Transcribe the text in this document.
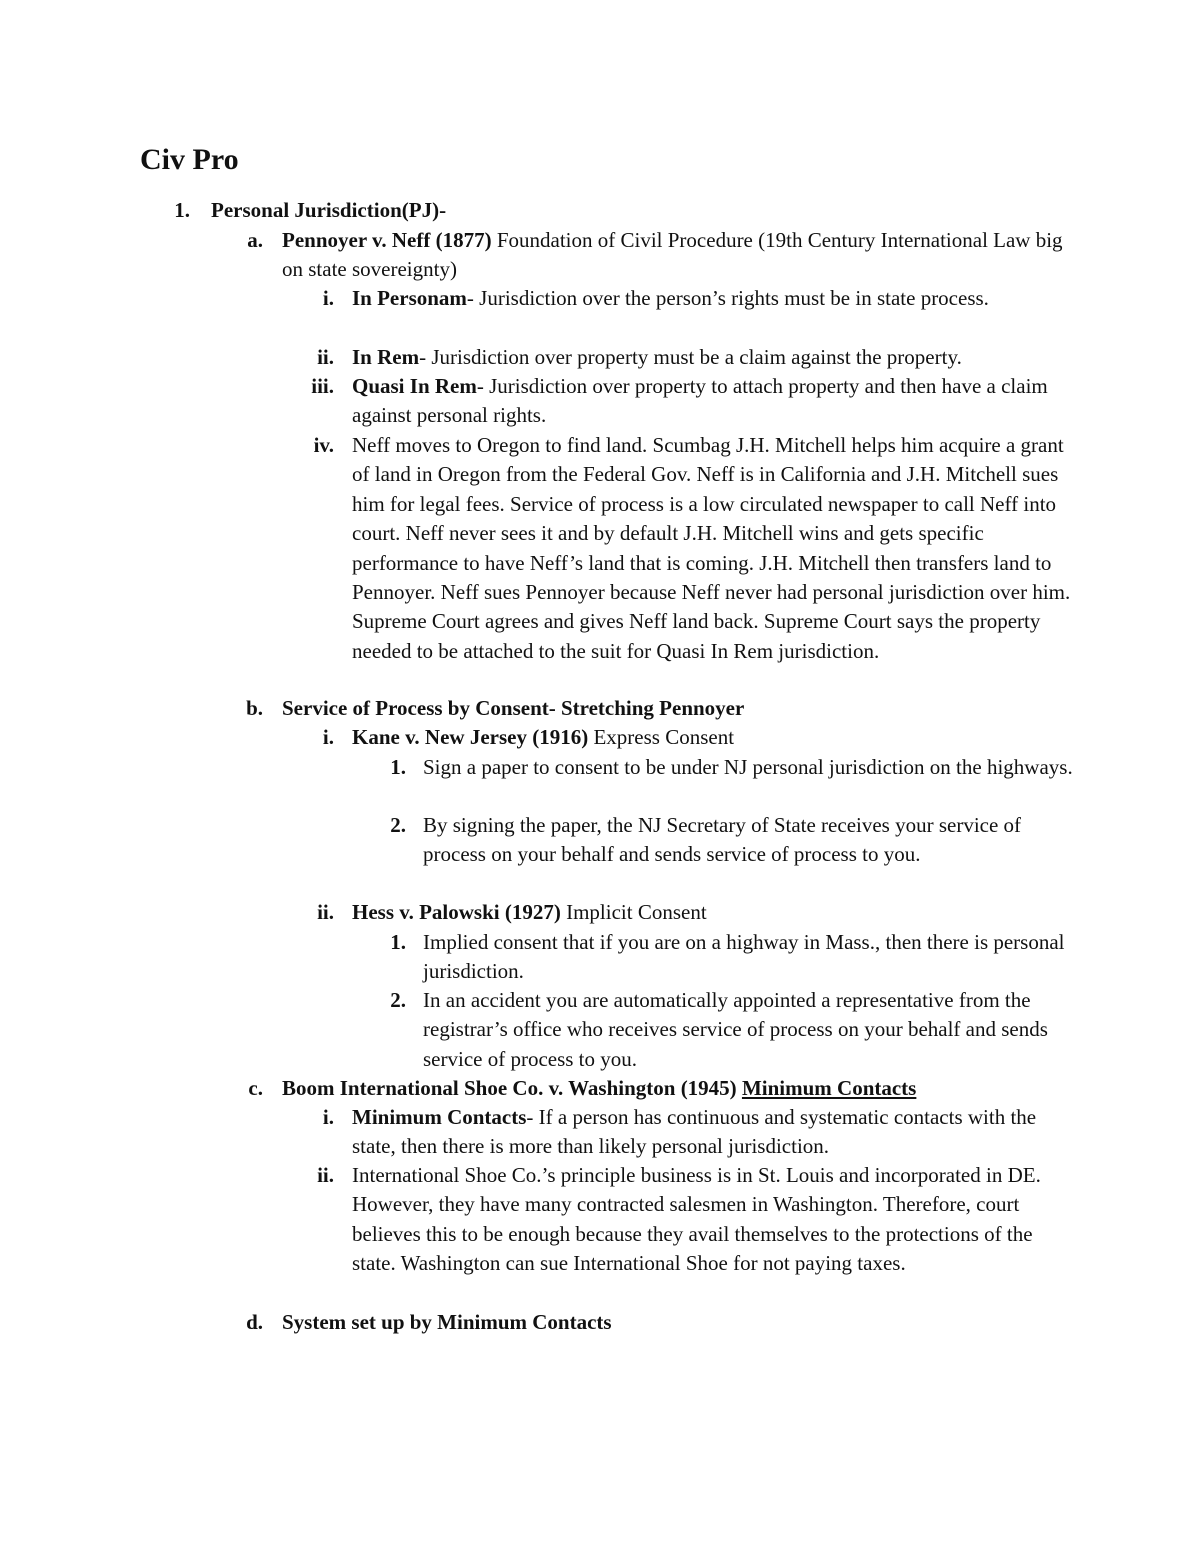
Civ Pro
1. Personal Jurisdiction(PJ)-
a. Pennoyer v. Neff (1877) Foundation of Civil Procedure (19th Century International Law big on state sovereignty)
i. In Personam- Jurisdiction over the person’s rights must be in state process.
ii. In Rem- Jurisdiction over property must be a claim against the property.
iii. Quasi In Rem- Jurisdiction over property to attach property and then have a claim against personal rights.
iv. Neff moves to Oregon to find land. Scumbag J.H. Mitchell helps him acquire a grant of land in Oregon from the Federal Gov. Neff is in California and J.H. Mitchell sues him for legal fees. Service of process is a low circulated newspaper to call Neff into court. Neff never sees it and by default J.H. Mitchell wins and gets specific performance to have Neff’s land that is coming. J.H. Mitchell then transfers land to Pennoyer. Neff sues Pennoyer because Neff never had personal jurisdiction over him. Supreme Court agrees and gives Neff land back. Supreme Court says the property needed to be attached to the suit for Quasi In Rem jurisdiction.
b. Service of Process by Consent- Stretching Pennoyer
i. Kane v. New Jersey (1916) Express Consent
1. Sign a paper to consent to be under NJ personal jurisdiction on the highways.
2. By signing the paper, the NJ Secretary of State receives your service of process on your behalf and sends service of process to you.
ii. Hess v. Palowski (1927) Implicit Consent
1. Implied consent that if you are on a highway in Mass., then there is personal jurisdiction.
2. In an accident you are automatically appointed a representative from the registrar’s office who receives service of process on your behalf and sends service of process to you.
c. Boom International Shoe Co. v. Washington (1945) Minimum Contacts
i. Minimum Contacts- If a person has continuous and systematic contacts with the state, then there is more than likely personal jurisdiction.
ii. International Shoe Co.’s principle business is in St. Louis and incorporated in DE. However, they have many contracted salesmen in Washington. Therefore, court believes this to be enough because they avail themselves to the protections of the state. Washington can sue International Shoe for not paying taxes.
d. System set up by Minimum Contacts
